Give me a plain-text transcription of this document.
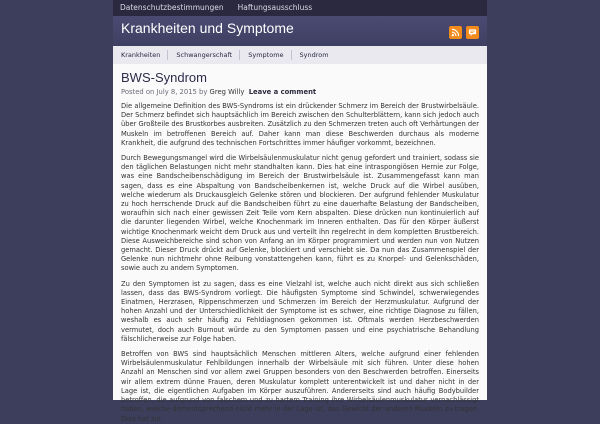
Datenschutzbestimmungen	Haftungsausschluss
Krankheiten und Symptome
Krankheiten	Schwangerschaft	Symptome	Syndrom
BWS-Syndrom
Posted on July 8, 2015 by Greg Willy Leave a comment

Die allgemeine Definition des BWS-Syndroms ist ein drückender Schmerz im Bereich der Brustwirbelsäule. Der Schmerz befindet sich hauptsächlich im Bereich zwischen den Schulterblättern, kann sich jedoch auch über Großteile des Brustkorbes ausbreiten. Zusätzlich zu den Schmerzen treten auch oft Verhärtungen der Muskeln im betroffenen Bereich auf. Daher kann man diese Beschwerden durchaus als moderne Krankheit, die aufgrund des technischen Fortschrittes immer häufiger vorkommt, bezeichnen.

Durch Bewegungsmangel wird die Wirbelsäulenmuskulatur nicht genug gefordert und trainiert, sodass sie den täglichen Belastungen nicht mehr standhalten kann. Dies hat eine intraspongiösen Hernie zur Folge, was eine Bandscheibenschädigung im Bereich der Brustwirbelsäule ist. Zusammengefasst kann man sagen, dass es eine Abspaltung von Bandscheibenkernen ist, welche Druck auf die Wirbel ausüben, welche wiederum als Druckausgleich Gelenke stören und blockieren. Der aufgrund fehlender Muskulatur zu hoch herrschende Druck auf die Bandscheiben führt zu eine dauerhafte Belastung der Bandscheiben, woraufhin sich nach einer gewissen Zeit Teile vom Kern abspalten. Diese drücken nun kontinuierlich auf die darunter liegenden Wirbel, welche Knochenmark im Inneren enthalten. Das für den Körper äußerst wichtige Knochenmark weicht dem Druck aus und verteilt ihn regelrecht in dem kompletten Brustbereich. Diese Ausweichbereiche sind schon von Anfang an im Körper programmiert und werden nun von Nutzen gemacht. Dieser Druck drückt auf Gelenke, blockiert und verschiebt sie. Da nun das Zusammenspiel der Gelenke nun nichtmehr ohne Reibung vonstattengehen kann, führt es zu Knorpel- und Gelenkschäden, sowie auch zu andern Symptomen.

Zu den Symptomen ist zu sagen, dass es eine Vielzahl ist, welche auch nicht direkt aus sich schließen lassen, dass das BWS-Syndrom vorliegt. Die häufigsten Symptome sind Schwindel, schwerwiegendes Einatmen, Herzrasen, Rippenschmerzen und Schmerzen im Bereich der Herzmuskulatur. Aufgrund der hohen Anzahl und der Unterschiedlichkeit der Symptome ist es schwer, eine richtige Diagnose zu fällen, weshalb es auch sehr häufig zu Fehldiagnosen gekommen ist. Oftmals werden Herzbeschwerden vermutet, doch auch Burnout würde zu den Symptomen passen und eine psychiatrische Behandlung fälschlicherweise zur Folge haben.

Betroffen von BWS sind hauptsächlich Menschen mittleren Alters, welche aufgrund einer fehlenden Wirbelsäulenmuskulatur Fehlbildungen innerhalb der Wirbelsäule mit sich führen. Unter diese hohen Anzahl an Menschen sind vor allem zwei Gruppen besonders von den Beschwerden betroffen. Einerseits wir allem extrem dünne Frauen, deren Muskulatur komplett unterentwickelt ist und daher nicht in der Lage ist, die eigentlichen Aufgaben im Körper auszuführen. Andererseits sind auch häufig Bodybuilder betroffen, die aufgrund von falschem und zu hartem Training ihre Wirbelsäulenmuskulatur vernachlässigt haben, welche dementsprechend nicht mehr in der Lage ist, das Gewicht der anderen Muskeln zu tragen. Dies hat zur
